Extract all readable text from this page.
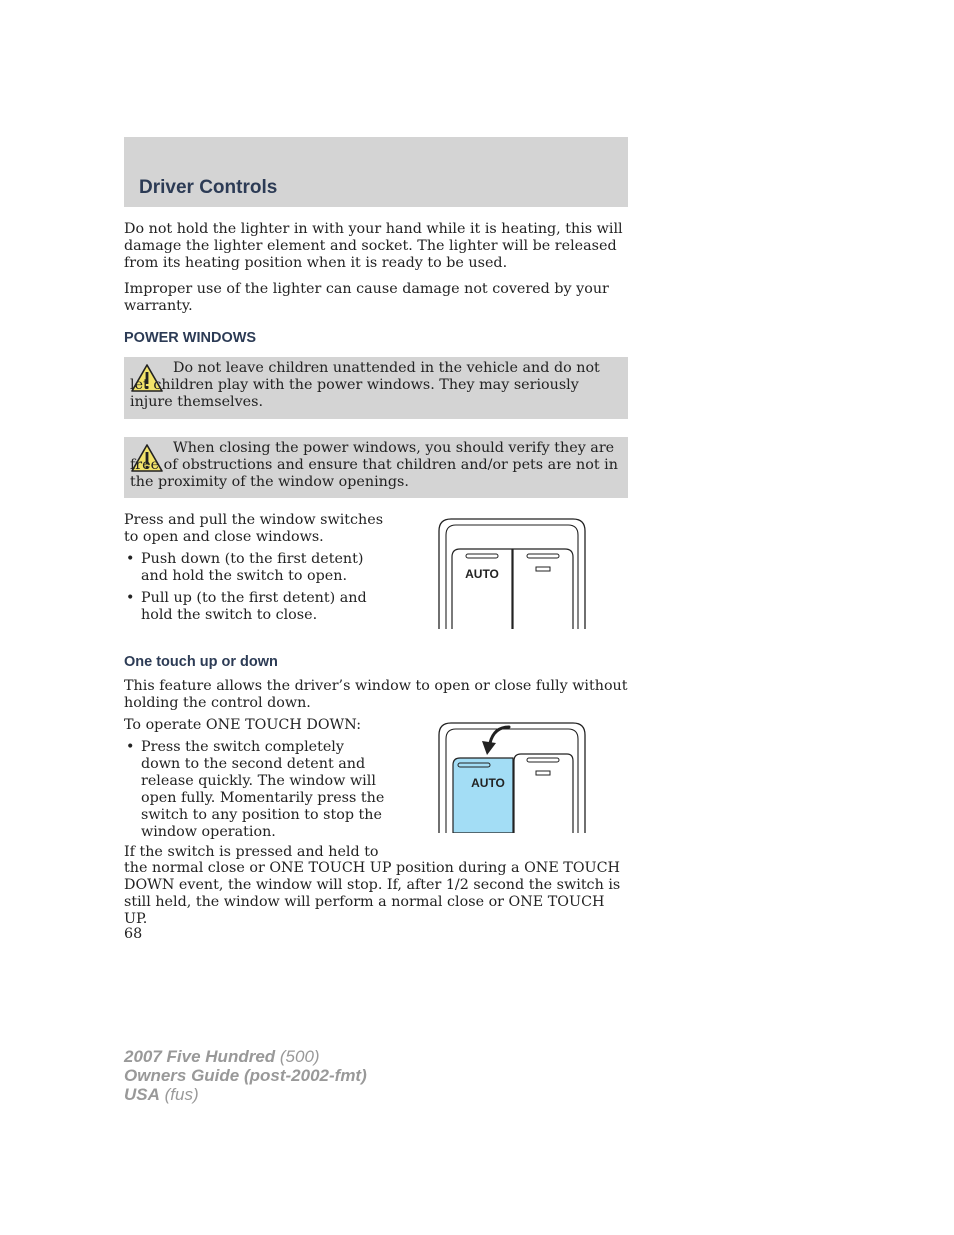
Driver Controls

Do not hold the lighter in with your hand while it is heating, this will damage the lighter element and socket. The lighter will be released from its heating position when it is ready to be used.

Improper use of the lighter can cause damage not covered by your warranty.

POWER WINDOWS
Do not leave children unattended in the vehicle and do not let children play with the power windows. They may seriously injure themselves.
When closing the power windows, you should verify they are free of obstructions and ensure that children and/or pets are not in the proximity of the window openings.
Press and pull the window switches to open and close windows.
• Push down (to the first detent) and hold the switch to open.
• Pull up (to the first detent) and hold the switch to close.
AUTO
One touch up or down

This feature allows the driver’s window to open or close fully without holding the control down.

To operate ONE TOUCH DOWN:
• Press the switch completely down to the second detent and release quickly. The window will open fully. Momentarily press the switch to any position to stop the window operation.
AUTO
If the switch is pressed and held to

the normal close or ONE TOUCH UP position during a ONE TOUCH DOWN event, the window will stop. If, after 1/2 second the switch is still held, the window will perform a normal close or ONE TOUCH UP.

68
2007 Five Hundred (500)
Owners Guide (post-2002-fmt)
USA (fus)
